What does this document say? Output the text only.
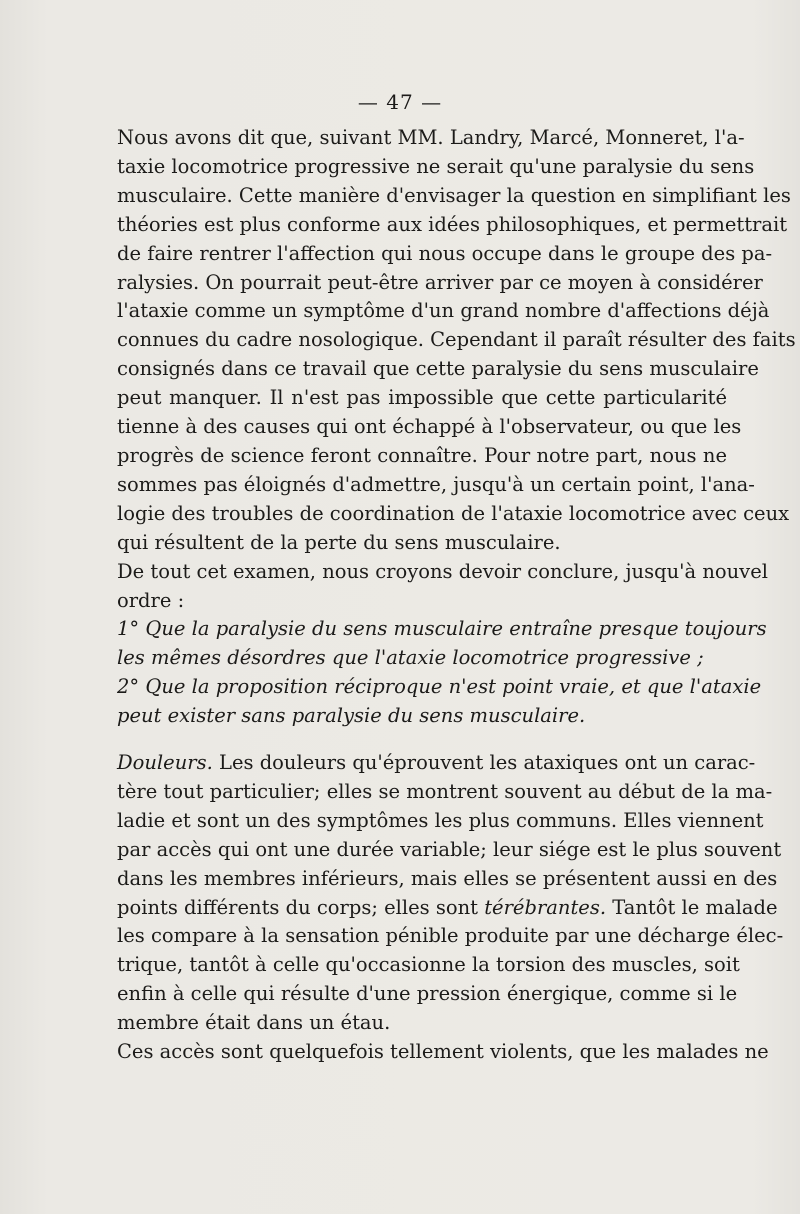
— 47 —
Nous avons dit que, suivant MM. Landry, Marcé, Monneret, l'a-
taxie locomotrice progressive ne serait qu'une paralysie du sens
musculaire. Cette manière d'envisager la question en simplifiant les
théories est plus conforme aux idées philosophiques, et permettrait
de faire rentrer l'affection qui nous occupe dans le groupe des pa-
ralysies. On pourrait peut-être arriver par ce moyen à considérer
l'ataxie comme un symptôme d'un grand nombre d'affections déjà
connues du cadre nosologique. Cependant il paraît résulter des faits
consignés dans ce travail que cette paralysie du sens musculaire
peut manquer. Il n'est pas impossible que cette particularité
tienne à des causes qui ont échappé à l'observateur, ou que les
progrès de science feront connaître. Pour notre part, nous ne
sommes pas éloignés d'admettre, jusqu'à un certain point, l'ana-
logie des troubles de coordination de l'ataxie locomotrice avec ceux
qui résultent de la perte du sens musculaire.
De tout cet examen, nous croyons devoir conclure, jusqu'à nouvel
ordre :
1° Que la paralysie du sens musculaire entraîne presque toujours
les mêmes désordres que l'ataxie locomotrice progressive ;
2° Que la proposition réciproque n'est point vraie, et que l'ataxie
peut exister sans paralysie du sens musculaire.
Douleurs. Les douleurs qu'éprouvent les ataxiques ont un carac-
tère tout particulier; elles se montrent souvent au début de la ma-
ladie et sont un des symptômes les plus communs. Elles viennent
par accès qui ont une durée variable; leur siége est le plus souvent
dans les membres inférieurs, mais elles se présentent aussi en des
points différents du corps; elles sont térébrantes. Tantôt le malade
les compare à la sensation pénible produite par une décharge élec-
trique, tantôt à celle qu'occasionne la torsion des muscles, soit
enfin à celle qui résulte d'une pression énergique, comme si le
membre était dans un étau.
Ces accès sont quelquefois tellement violents, que les malades ne
